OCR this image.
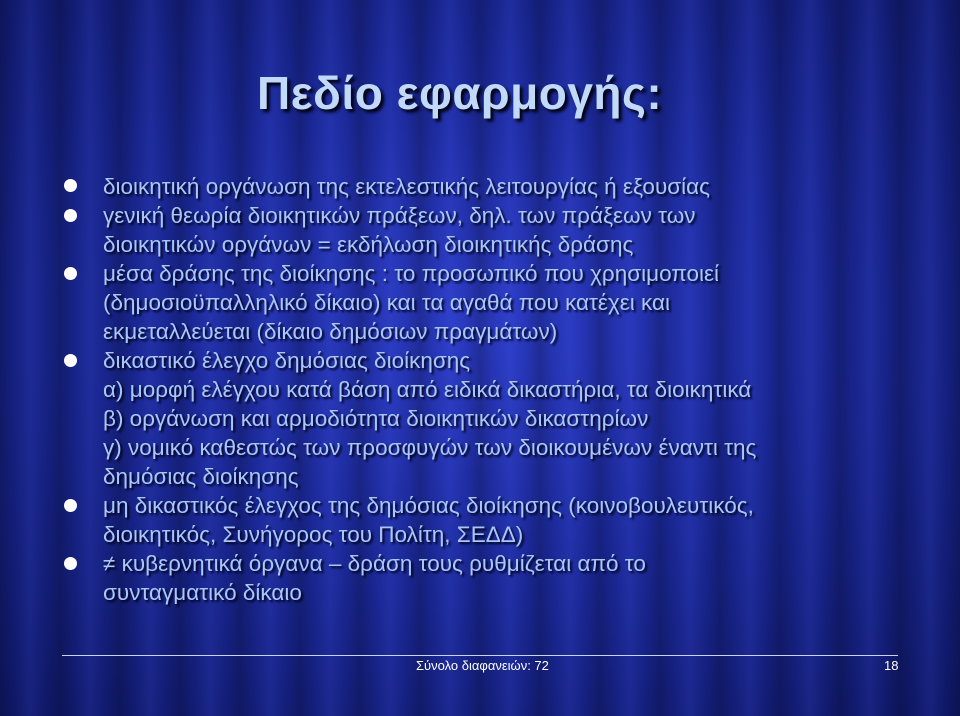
Πεδίο εφαρμογής:
διοικητική οργάνωση της εκτελεστικής λειτουργίας ή εξουσίας
γενική θεωρία διοικητικών πράξεων, δηλ. των πράξεων των
διοικητικών οργάνων = εκδήλωση διοικητικής δράσης
μέσα δράσης της διοίκησης : το προσωπικό που χρησιμοποιεί
(δημοσιοϋπαλληλικό δίκαιο) και τα αγαθά που κατέχει και
εκμεταλλεύεται (δίκαιο δημόσιων πραγμάτων)
δικαστικό έλεγχο δημόσιας διοίκησης
α) μορφή ελέγχου κατά βάση από ειδικά δικαστήρια, τα διοικητικά
β) οργάνωση και αρμοδιότητα διοικητικών δικαστηρίων
γ) νομικό καθεστώς των προσφυγών των διοικουμένων έναντι της
δημόσιας διοίκησης
μη δικαστικός έλεγχος της δημόσιας διοίκησης (κοινοβουλευτικός,
διοικητικός, Συνήγορος του Πολίτη, ΣΕΔΔ)
≠ κυβερνητικά όργανα – δράση τους ρυθμίζεται από το
συνταγματικό δίκαιο
Σύνολο διαφανειών: 72	18
